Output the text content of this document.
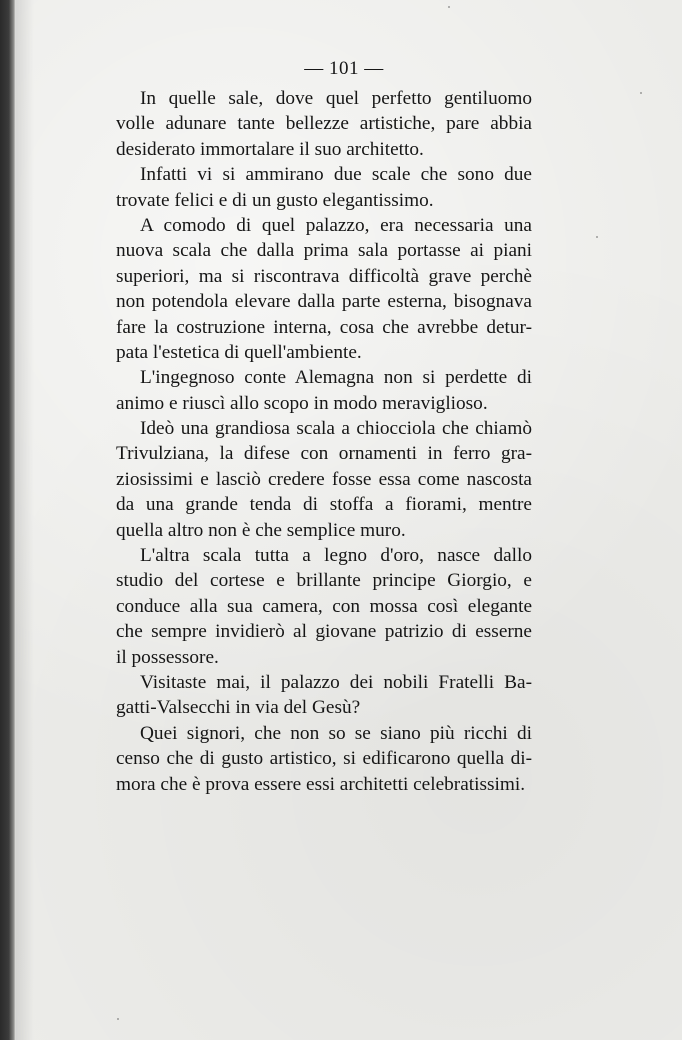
— 101 —
In quelle sale, dove quel perfetto gentiluomo
volle adunare tante bellezze artistiche, pare abbia
desiderato immortalare il suo architetto.
Infatti vi si ammirano due scale che sono due
trovate felici e di un gusto elegantissimo.
A comodo di quel palazzo, era necessaria una
nuova scala che dalla prima sala portasse ai piani
superiori, ma si riscontrava difficoltà grave perchè
non potendola elevare dalla parte esterna, bisognava
fare la costruzione interna, cosa che avrebbe detur-
pata l'estetica di quell'ambiente.
L'ingegnoso conte Alemagna non si perdette di
animo e riuscì allo scopo in modo meraviglioso.
Ideò una grandiosa scala a chiocciola che chiamò
Trivulziana, la difese con ornamenti in ferro gra-
ziosissimi e lasciò credere fosse essa come nascosta
da una grande tenda di stoffa a fiorami, mentre
quella altro non è che semplice muro.
L'altra scala tutta a legno d'oro, nasce dallo
studio del cortese e brillante principe Giorgio, e
conduce alla sua camera, con mossa così elegante
che sempre invidierò al giovane patrizio di esserne
il possessore.
Visitaste mai, il palazzo dei nobili Fratelli Ba-
gatti-Valsecchi in via del Gesù?
Quei signori, che non so se siano più ricchi di
censo che di gusto artistico, si edificarono quella di-
mora che è prova essere essi architetti celebratissimi.
